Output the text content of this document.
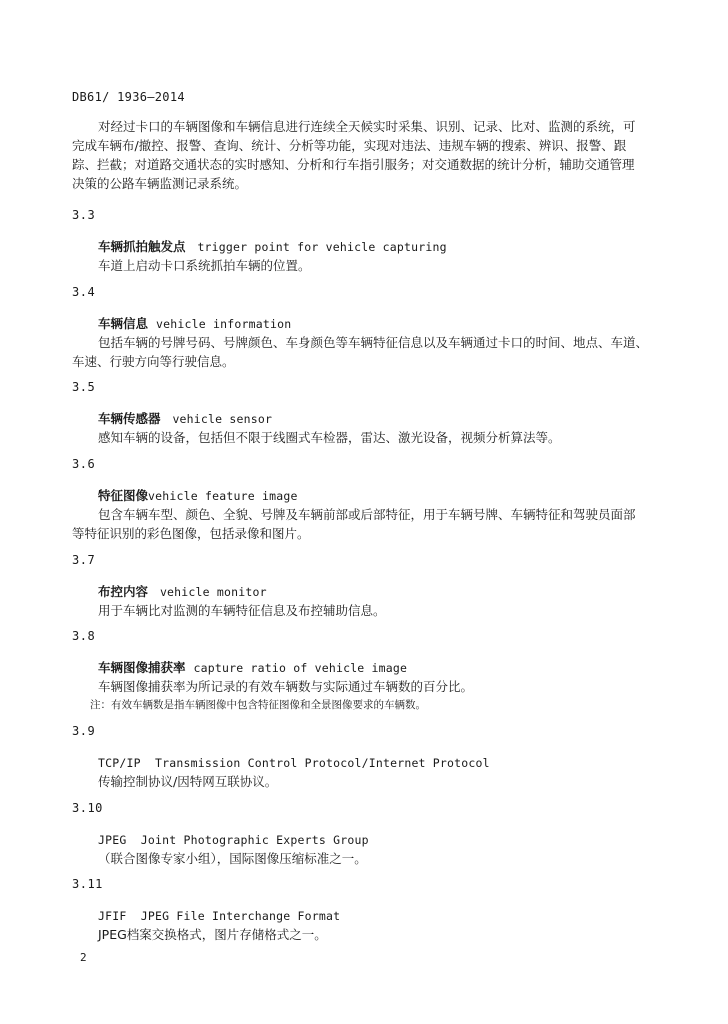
DB61/ 1936—2014
对经过卡口的车辆图像和车辆信息进行连续全天候实时采集、识别、记录、比对、监测的系统，可
完成车辆布/撤控、报警、查询、统计、分析等功能，实现对违法、违规车辆的搜索、辨识、报警、跟
踪、拦截；对道路交通状态的实时感知、分析和行车指引服务；对交通数据的统计分析，辅助交通管理
决策的公路车辆监测记录系统。
3.3
车辆抓拍触发点 trigger point for vehicle capturing
车道上启动卡口系统抓拍车辆的位置。
3.4
车辆信息 vehicle information
包括车辆的号牌号码、号牌颜色、车身颜色等车辆特征信息以及车辆通过卡口的时间、地点、车道、
车速、行驶方向等行驶信息。
3.5
车辆传感器 vehicle sensor
感知车辆的设备，包括但不限于线圈式车检器，雷达、激光设备，视频分析算法等。
3.6
特征图像vehicle feature image
包含车辆车型、颜色、全貌、号牌及车辆前部或后部特征，用于车辆号牌、车辆特征和驾驶员面部
等特征识别的彩色图像，包括录像和图片。
3.7
布控内容 vehicle monitor
用于车辆比对监测的车辆特征信息及布控辅助信息。
3.8
车辆图像捕获率 capture ratio of vehicle image
车辆图像捕获率为所记录的有效车辆数与实际通过车辆数的百分比。
注：有效车辆数是指车辆图像中包含特征图像和全景图像要求的车辆数。
3.9
TCP/IP  Transmission Control Protocol/Internet Protocol
传输控制协议/因特网互联协议。
3.10
JPEG  Joint Photographic Experts Group
（联合图像专家小组），国际图像压缩标准之一。
3.11
JFIF  JPEG File Interchange Format
JPEG档案交换格式，图片存储格式之一。
2
